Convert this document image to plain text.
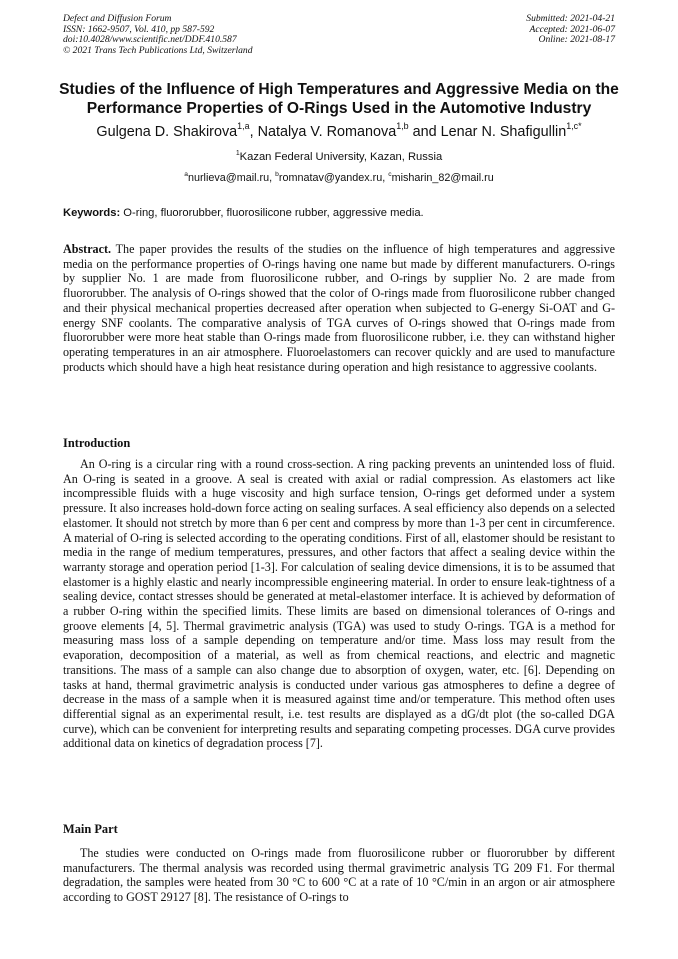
Defect and Diffusion Forum
ISSN: 1662-9507, Vol. 410, pp 587-592
doi:10.4028/www.scientific.net/DDF.410.587
© 2021 Trans Tech Publications Ltd, Switzerland
Submitted: 2021-04-21
Accepted: 2021-06-07
Online: 2021-08-17
Studies of the Influence of High Temperatures and Aggressive Media on the Performance Properties of O-Rings Used in the Automotive Industry
Gulgena D. Shakirova$^{1,a}$, Natalya V. Romanova$^{1,b}$ and Lenar N. Shafigullin$^{1,c*}$
$^1$Kazan Federal University, Kazan, Russia
$^a$nurlieva@mail.ru, $^b$romnatav@yandex.ru, $^c$misharin_82@mail.ru
Keywords: O-ring, fluororubber, fluorosilicone rubber, aggressive media.
Abstract. The paper provides the results of the studies on the influence of high temperatures and aggressive media on the performance properties of O-rings having one name but made by different manufacturers. O-rings by supplier No. 1 are made from fluorosilicone rubber, and O-rings by supplier No. 2 are made from fluororubber. The analysis of O-rings showed that the color of O-rings made from fluorosilicone rubber changed and their physical mechanical properties decreased after operation when subjected to G-energy Si-OAT and G-energy SNF coolants. The comparative analysis of TGA curves of O-rings showed that O-rings made from fluororubber were more heat stable than O-rings made from fluorosilicone rubber, i.e. they can withstand higher operating temperatures in an air atmosphere. Fluoroelastomers can recover quickly and are used to manufacture products which should have a high heat resistance during operation and high resistance to aggressive coolants.
Introduction
An O-ring is a circular ring with a round cross-section. A ring packing prevents an unintended loss of fluid. An O-ring is seated in a groove. A seal is created with axial or radial compression. As elastomers act like incompressible fluids with a huge viscosity and high surface tension, O-rings get deformed under a system pressure. It also increases hold-down force acting on sealing surfaces. A seal efficiency also depends on a selected elastomer. It should not stretch by more than 6 per cent and compress by more than 1-3 per cent in circumference. A material of O-ring is selected according to the operating conditions. First of all, elastomer should be resistant to media in the range of medium temperatures, pressures, and other factors that affect a sealing device within the warranty storage and operation period [1-3]. For calculation of sealing device dimensions, it is to be assumed that elastomer is a highly elastic and nearly incompressible engineering material. In order to ensure leak-tightness of a sealing device, contact stresses should be generated at metal-elastomer interface. It is achieved by deformation of a rubber O-ring within the specified limits. These limits are based on dimensional tolerances of O-rings and groove elements [4, 5]. Thermal gravimetric analysis (TGA) was used to study O-rings. TGA is a method for measuring mass loss of a sample depending on temperature and/or time. Mass loss may result from the evaporation, decomposition of a material, as well as from chemical reactions, and electric and magnetic transitions. The mass of a sample can also change due to absorption of oxygen, water, etc. [6]. Depending on tasks at hand, thermal gravimetric analysis is conducted under various gas atmospheres to define a degree of decrease in the mass of a sample when it is measured against time and/or temperature. This method often uses differential signal as an experimental result, i.e. test results are displayed as a dG/dt plot (the so-called DGA curve), which can be convenient for interpreting results and separating competing processes. DGA curve provides additional data on kinetics of degradation process [7].
Main Part
The studies were conducted on O-rings made from fluorosilicone rubber or fluororubber by different manufacturers. The thermal analysis was recorded using thermal gravimetric analysis TG 209 F1. For thermal degradation, the samples were heated from 30 °C to 600 °C at a rate of 10 °C/min in an argon or air atmosphere according to GOST 29127 [8]. The resistance of O-rings to
